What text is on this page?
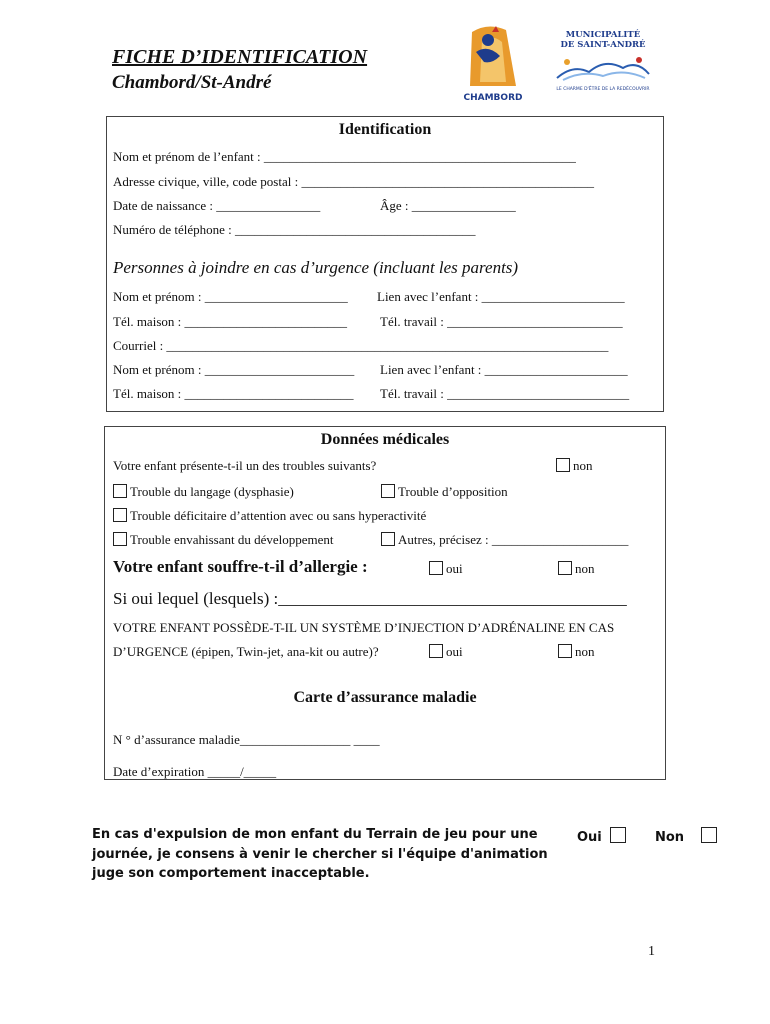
FICHE D’IDENTIFICATION
Chambord/St-André
CHAMBORD
MUNICIPALITÉ
DE SAINT-ANDRÉ
LE CHARME D'ÊTRE DE LA REDÉCOUVRIR
Identification
Nom et prénom de l’enfant : ________________________________________________
Adresse civique, ville, code postal : _____________________________________________
Date de naissance : ________________	Âge : ________________
Numéro de téléphone : _____________________________________
Personnes à joindre en cas d’urgence (incluant les parents)
Nom et prénom : ______________________ Lien avec l’enfant : ______________________
Tél. maison : _________________________	Tél. travail : ___________________________
Courriel : ____________________________________________________________________
Nom et prénom : _______________________ Lien avec l’enfant : ______________________
Tél. maison : __________________________ Tél. travail : ____________________________
Données médicales
Votre enfant présente-t-il un des troubles suivants?	non
Trouble du langage (dysphasie)	Trouble d’opposition
Trouble déficitaire d’attention avec ou sans hyperactivité
Trouble envahissant du développement	Autres, précisez : _____________________
Votre enfant souffre-t-il d’allergie :	oui	non
Si oui lequel (lesquels) :_________________________________________
VOTRE ENFANT POSSÈDE-T-IL UN SYSTÈME D’INJECTION D’ADRÉNALINE EN CAS
D’URGENCE (épipen, Twin-jet, ana-kit ou autre)?	oui	non
Carte d’assurance maladie
N ° d’assurance maladie_________________ ____
Date d’expiration _____/_____
En cas d'expulsion de mon enfant du Terrain de jeu pour une
journée, je consens à venir le chercher si l'équipe d'animation
juge son comportement inacceptable.
Oui	Non
1
